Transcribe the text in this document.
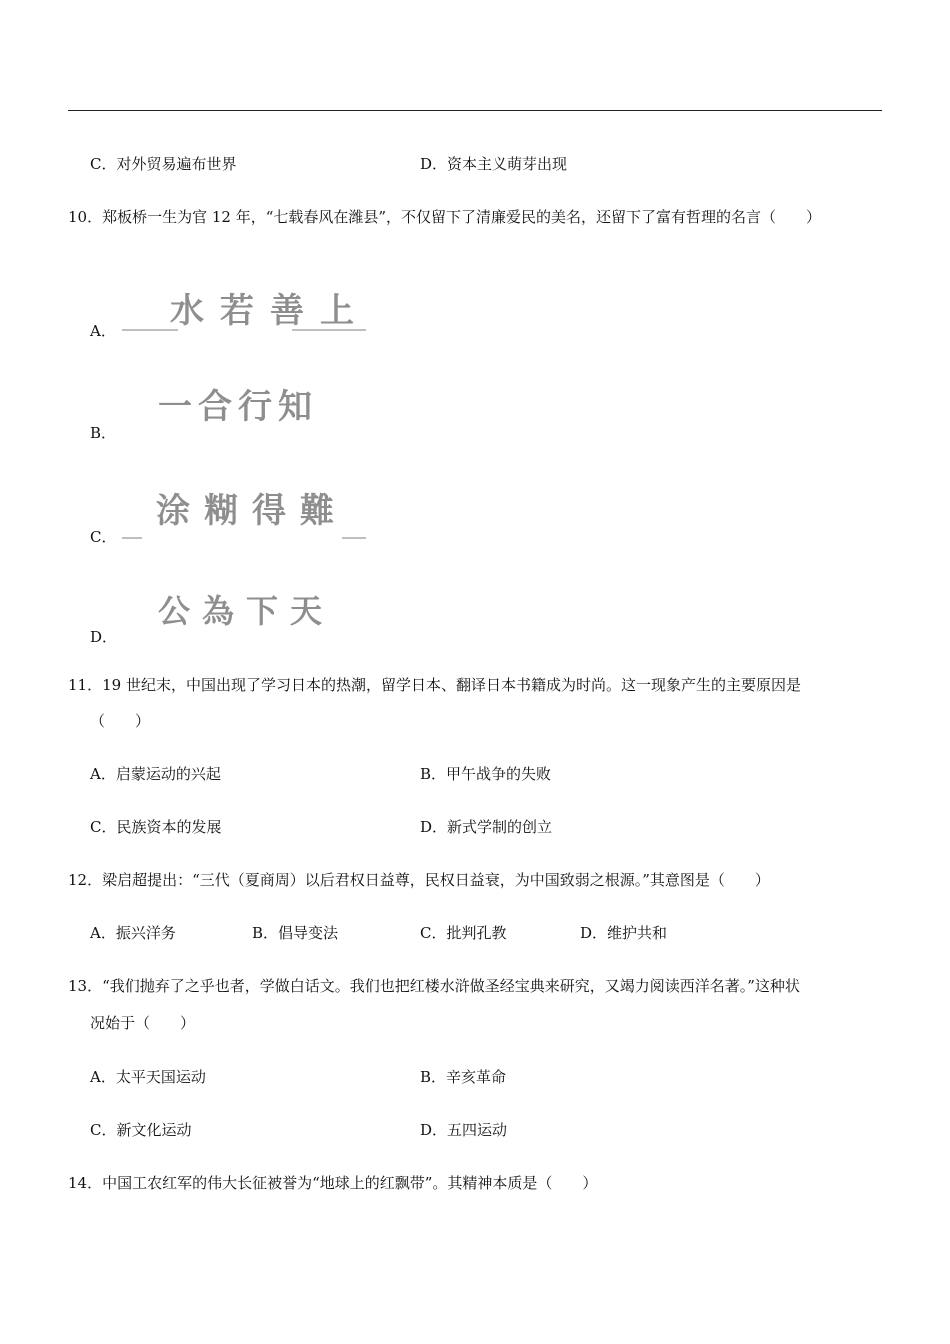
C．对外贸易遍布世界	D．资本主义萌芽出现
10．郑板桥一生为官 12 年，“七载春风在潍县”，不仅留下了清廉爱民的美名，还留下了富有哲理的名言（　　）
A． 水若善上
B．
一合行知
C．
涂糊得難
D．
公為下天
11．19 世纪末，中国出现了学习日本的热潮，留学日本、翻译日本书籍成为时尚。这一现象产生的主要原因是
（　　）
A．启蒙运动的兴起	B．甲午战争的失败
C．民族资本的发展	D．新式学制的创立
12．梁启超提出：“三代（夏商周）以后君权日益尊，民权日益衰，为中国致弱之根源。”其意图是（　　）
A．振兴洋务	B．倡导变法	C．批判孔教	D．维护共和
13．“我们抛弃了之乎也者，学做白话文。我们也把红楼水浒做圣经宝典来研究，又竭力阅读西洋名著。”这种状
况始于（　　）
A．太平天国运动	B．辛亥革命
C．新文化运动	D．五四运动
14．中国工农红军的伟大长征被誉为“地球上的红飘带”。其精神本质是（　　）
